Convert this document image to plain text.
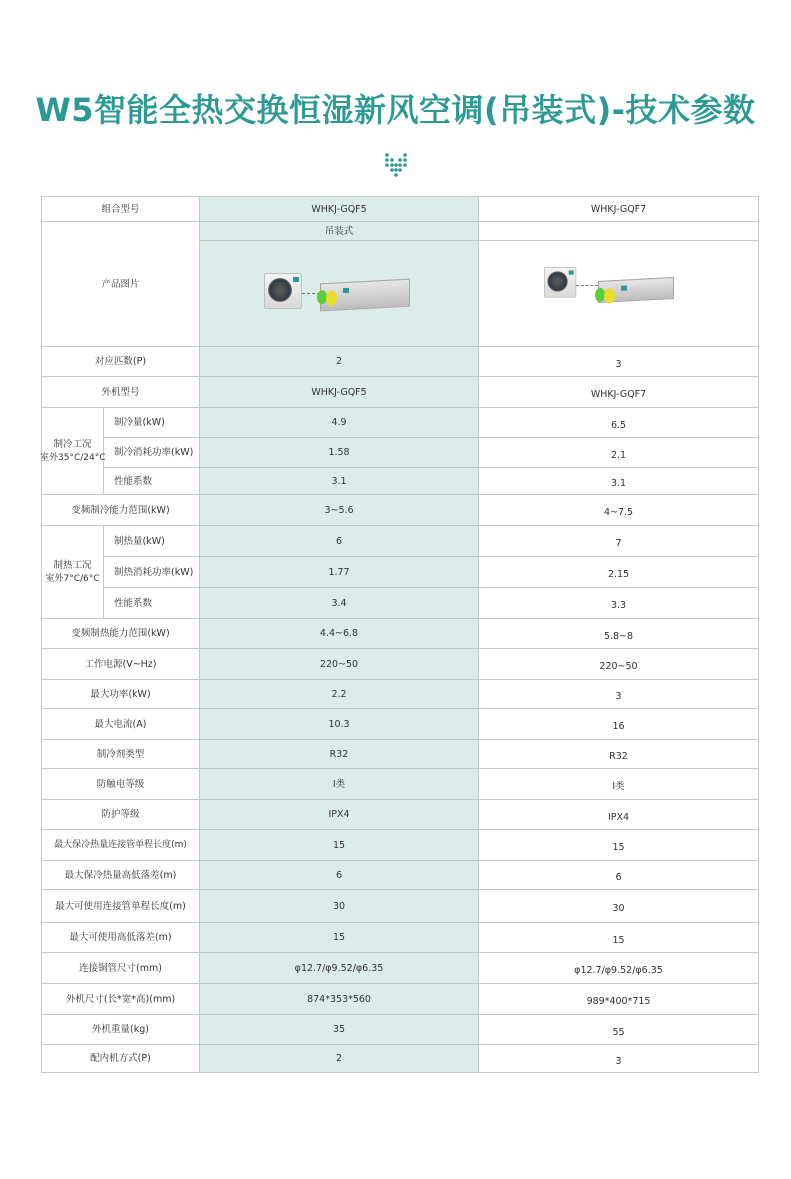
W5智能全热交换恒湿新风空调(吊装式)-技术参数
组合型号		WHKJ-GQF5	WHKJ-GQF7
产品图片		吊装式	

对应匹数(P)		2	3
外机型号		WHKJ-GQF5	WHKJ-GQF7
制冷工况
室外35°C/24°C	制冷量(kW)	4.9	6.5
	制冷消耗功率(kW)	1.58	2.1
	性能系数	3.1	3.1
变频制冷能力范围(kW)		3~5.6	4~7.5
制热工况
室外7°C/6°C	制热量(kW)	6	7
	制热消耗功率(kW)	1.77	2.15
	性能系数	3.4	3.3
变频制热能力范围(kW)		4.4~6.8	5.8~8
工作电源(V~Hz)		220~50	220~50
最大功率(kW)		2.2	3
最大电流(A)		10.3	16
制冷剂类型		R32	R32
防触电等级		I类	I类
防护等级		IPX4	IPX4
最大保冷热量连接管单程长度(m)		15	15
最大保冷热量高低落差(m)		6	6
最大可使用连接管单程长度(m)		30	30
最大可使用高低落差(m)		15	15
连接铜管尺寸(mm)		φ12.7/φ9.52/φ6.35	φ12.7/φ9.52/φ6.35
外机尺寸(长*宽*高)(mm)		874*353*560	989*400*715
外机重量(kg)		35	55
配内机方式(P)		2	3
